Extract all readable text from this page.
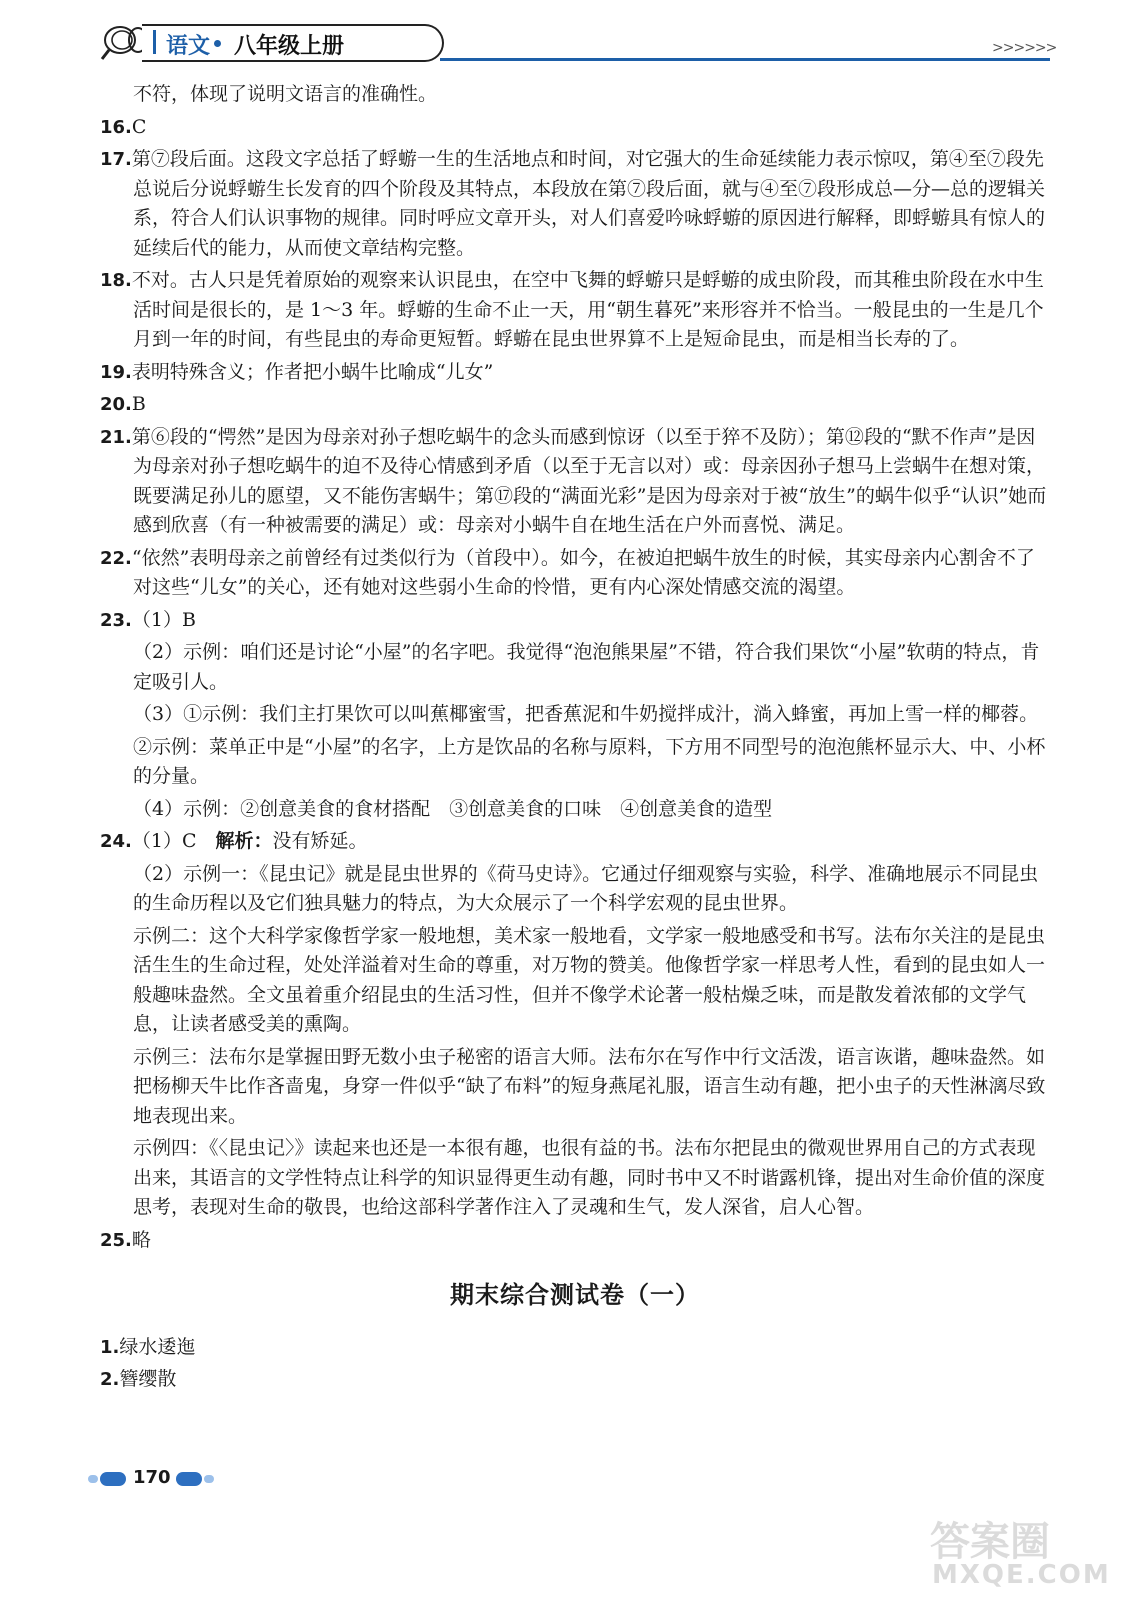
语文 八年级上册	>>>>>>

不符，体现了说明文语言的准确性。

16.C

17.第⑦段后面。这段文字总括了蜉蝣一生的生活地点和时间，对它强大的生命延续能力表示惊叹，第④至⑦段先总说后分说蜉蝣生长发育的四个阶段及其特点，本段放在第⑦段后面，就与④至⑦段形成总—分—总的逻辑关系，符合人们认识事物的规律。同时呼应文章开头，对人们喜爱吟咏蜉蝣的原因进行解释，即蜉蝣具有惊人的延续后代的能力，从而使文章结构完整。

18.不对。古人只是凭着原始的观察来认识昆虫，在空中飞舞的蜉蝣只是蜉蝣的成虫阶段，而其稚虫阶段在水中生活时间是很长的，是 1～3 年。蜉蝣的生命不止一天，用“朝生暮死”来形容并不恰当。一般昆虫的一生是几个月到一年的时间，有些昆虫的寿命更短暂。蜉蝣在昆虫世界算不上是短命昆虫，而是相当长寿的了。

19.表明特殊含义；作者把小蜗牛比喻成“儿女”

20.B

21.第⑥段的“愕然”是因为母亲对孙子想吃蜗牛的念头而感到惊讶（以至于猝不及防）；第⑫段的“默不作声”是因为母亲对孙子想吃蜗牛的迫不及待心情感到矛盾（以至于无言以对）或：母亲因孙子想马上尝蜗牛在想对策，既要满足孙儿的愿望，又不能伤害蜗牛；第⑰段的“满面光彩”是因为母亲对于被“放生”的蜗牛似乎“认识”她而感到欣喜（有一种被需要的满足）或：母亲对小蜗牛自在地生活在户外而喜悦、满足。

22.“依然”表明母亲之前曾经有过类似行为（首段中）。如今，在被迫把蜗牛放生的时候，其实母亲内心割舍不了对这些“儿女”的关心，还有她对这些弱小生命的怜惜，更有内心深处情感交流的渴望。

23.（1）B

（2）示例：咱们还是讨论“小屋”的名字吧。我觉得“泡泡熊果屋”不错，符合我们果饮“小屋”软萌的特点，肯定吸引人。

（3）①示例：我们主打果饮可以叫蕉椰蜜雪，把香蕉泥和牛奶搅拌成汁，淌入蜂蜜，再加上雪一样的椰蓉。

②示例：菜单正中是“小屋”的名字，上方是饮品的名称与原料，下方用不同型号的泡泡熊杯显示大、中、小杯的分量。

（4）示例：②创意美食的食材搭配　③创意美食的口味　④创意美食的造型

24.（1）C　解析：没有矫延。

（2）示例一：《昆虫记》就是昆虫世界的《荷马史诗》。它通过仔细观察与实验，科学、准确地展示不同昆虫的生命历程以及它们独具魅力的特点，为大众展示了一个科学宏观的昆虫世界。

示例二：这个大科学家像哲学家一般地想，美术家一般地看，文学家一般地感受和书写。法布尔关注的是昆虫活生生的生命过程，处处洋溢着对生命的尊重，对万物的赞美。他像哲学家一样思考人性，看到的昆虫如人一般趣味盎然。全文虽着重介绍昆虫的生活习性，但并不像学术论著一般枯燥乏味，而是散发着浓郁的文学气息，让读者感受美的熏陶。

示例三：法布尔是掌握田野无数小虫子秘密的语言大师。法布尔在写作中行文活泼，语言诙谐，趣味盎然。如把杨柳天牛比作吝啬鬼，身穿一件似乎“缺了布料”的短身燕尾礼服，语言生动有趣，把小虫子的天性淋漓尽致地表现出来。

示例四：《〈昆虫记〉》读起来也还是一本很有趣，也很有益的书。法布尔把昆虫的微观世界用自己的方式表现出来，其语言的文学性特点让科学的知识显得更生动有趣，同时书中又不时谐露机锋，提出对生命价值的深度思考，表现对生命的敬畏，也给这部科学著作注入了灵魂和生气，发人深省，启人心智。

25.略

期末综合测试卷（一）

1.绿水逶迤

2.簪缨散

170
答案圈
MXQE.COM
